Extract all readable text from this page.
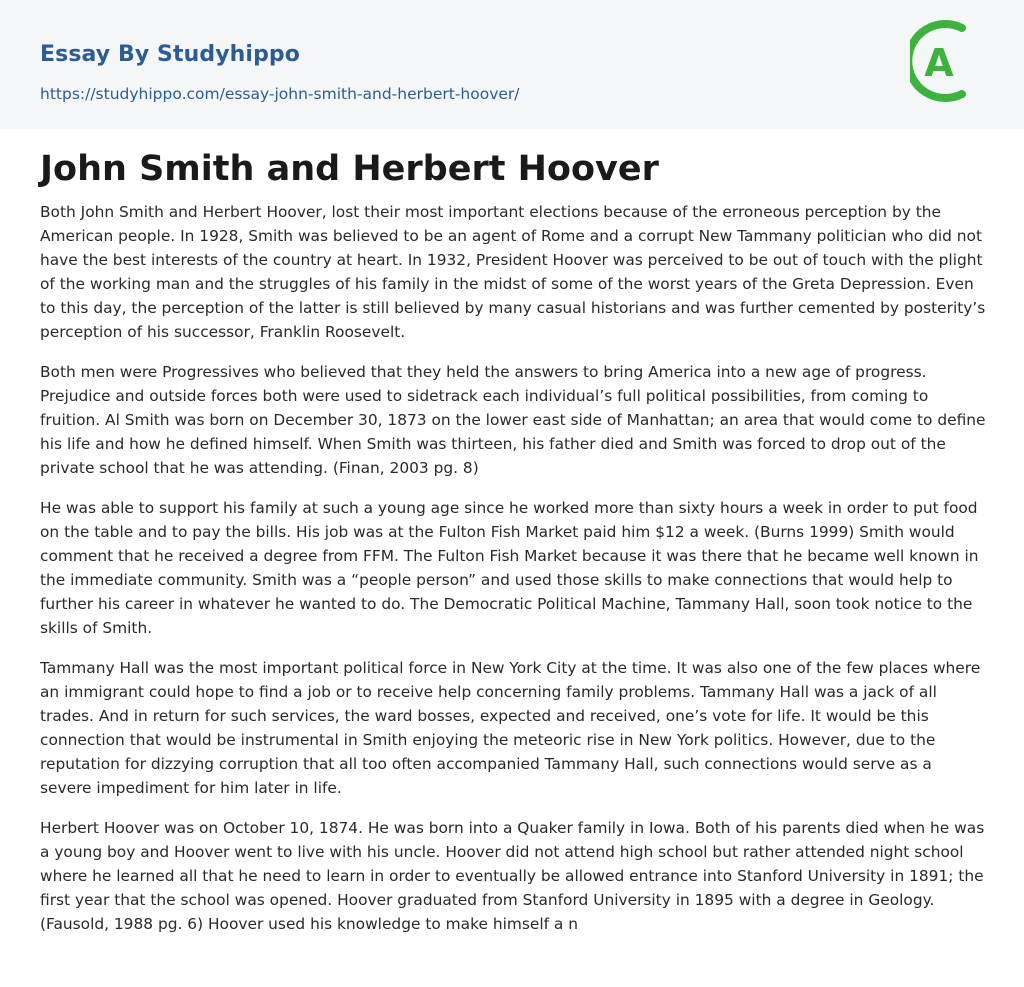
Essay By Studyhippo
https://studyhippo.com/essay-john-smith-and-herbert-hoover/
A
John Smith and Herbert Hoover

Both John Smith and Herbert Hoover, lost their most important elections because of the erroneous perception by the American people. In 1928, Smith was believed to be an agent of Rome and a corrupt New Tammany politician who did not have the best interests of the country at heart. In 1932, President Hoover was perceived to be out of touch with the plight of the working man and the struggles of his family in the midst of some of the worst years of the Greta Depression. Even to this day, the perception of the latter is still believed by many casual historians and was further cemented by posterity’s perception of his successor, Franklin Roosevelt.

Both men were Progressives who believed that they held the answers to bring America into a new age of progress. Prejudice and outside forces both were used to sidetrack each individual’s full political possibilities, from coming to fruition. Al Smith was born on December 30, 1873 on the lower east side of Manhattan; an area that would come to define his life and how he defined himself. When Smith was thirteen, his father died and Smith was forced to drop out of the private school that he was attending. (Finan, 2003 pg. 8)

He was able to support his family at such a young age since he worked more than sixty hours a week in order to put food on the table and to pay the bills. His job was at the Fulton Fish Market paid him $12 a week. (Burns 1999) Smith would comment that he received a degree from FFM. The Fulton Fish Market because it was there that he became well known in the immediate community. Smith was a “people person” and used those skills to make connections that would help to further his career in whatever he wanted to do. The Democratic Political Machine, Tammany Hall, soon took notice to the skills of Smith.

Tammany Hall was the most important political force in New York City at the time. It was also one of the few places where an immigrant could hope to find a job or to receive help concerning family problems. Tammany Hall was a jack of all trades. And in return for such services, the ward bosses, expected and received, one’s vote for life. It would be this connection that would be instrumental in Smith enjoying the meteoric rise in New York politics. However, due to the reputation for dizzying corruption that all too often accompanied Tammany Hall, such connections would serve as a severe impediment for him later in life.

Herbert Hoover was on October 10, 1874. He was born into a Quaker family in Iowa. Both of his parents died when he was a young boy and Hoover went to live with his uncle. Hoover did not attend high school but rather attended night school where he learned all that he need to learn in order to eventually be allowed entrance into Stanford University in 1891; the first year that the school was opened. Hoover graduated from Stanford University in 1895 with a degree in Geology. (Fausold, 1988 pg. 6) Hoover used his knowledge to make himself a n
